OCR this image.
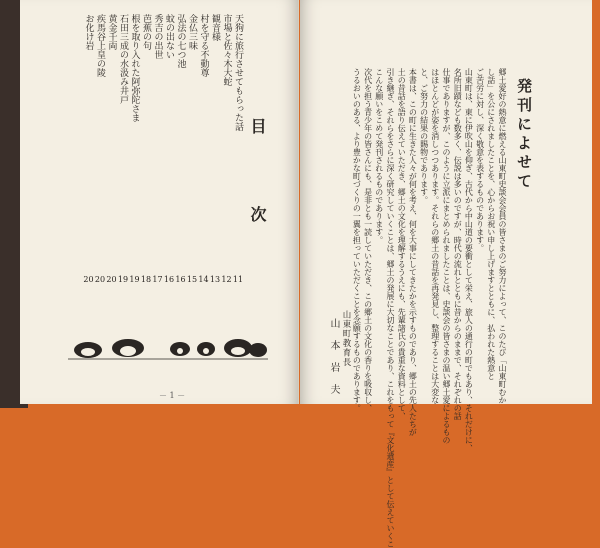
目　次
天狗に旅行させてもらった話
11
市場と佐々木大蛇
12
観音様
13
村を守る不動尊
14
金仏三味
15
弘法の七つ池
16
蚊の出ない
16
秀吉の出世
17
芭蕉の句
18
根を取り入れた阿弥陀さま
19
石田三成の水汲み井戸
19
黄金千両
20
疾馬谷上皇の陵
20
お化け岩
20
－ 1 －
発刊によせて
郷土愛好の熱意に燃える山東町史談会会員の皆さまのご努力によって、このたび「山東町むか
し話」を公にされましたことを、心からお祝い申し上げますとともに、払われた熱意と
ご苦労に対し、深く敬意を表するものであります。
山東町は、東に伊吹山を仰ぎ、古代から中山道の要衝として栄え、旅人の通行の町でもあり、それだけに、
名所旧蹟なども数多く、伝説は多いのですが、時代の流れとともに昔からのままで、それぞれの話
仕事でありますが、このように立派にまとめられましたことは、史談会の皆さまの温い郷土愛によるもの
はほとんどが姿を消しつつあります。それらの郷土の昔話を再発見し、整理することは大変な
と、ご努力の結果の賜物であります。
本書は、この町に生きた人々が何を考え、何を大事にしてきたかを示すものであり、郷土の先人たちが
土の昔話を語り伝えていただき、郷土の文化を理解するうえにも、先輩諸氏の貴重な資料として、
引き継ぎ、それらをさらに深く研究していくことは、郷土の発展に大切なことであり、これをもって『文化遺産』として伝えていくこ
こんな願いをこめて発刊されるものであります。
次代を担う青少年の皆さんにも、是非とも一読していただき、この郷土の文化の香りを吸収し、
うるおいのある、より豊かな町づくりの一翼を担っていただくことを念願するものであります。
山東町教育長
山　本　岩　夫
